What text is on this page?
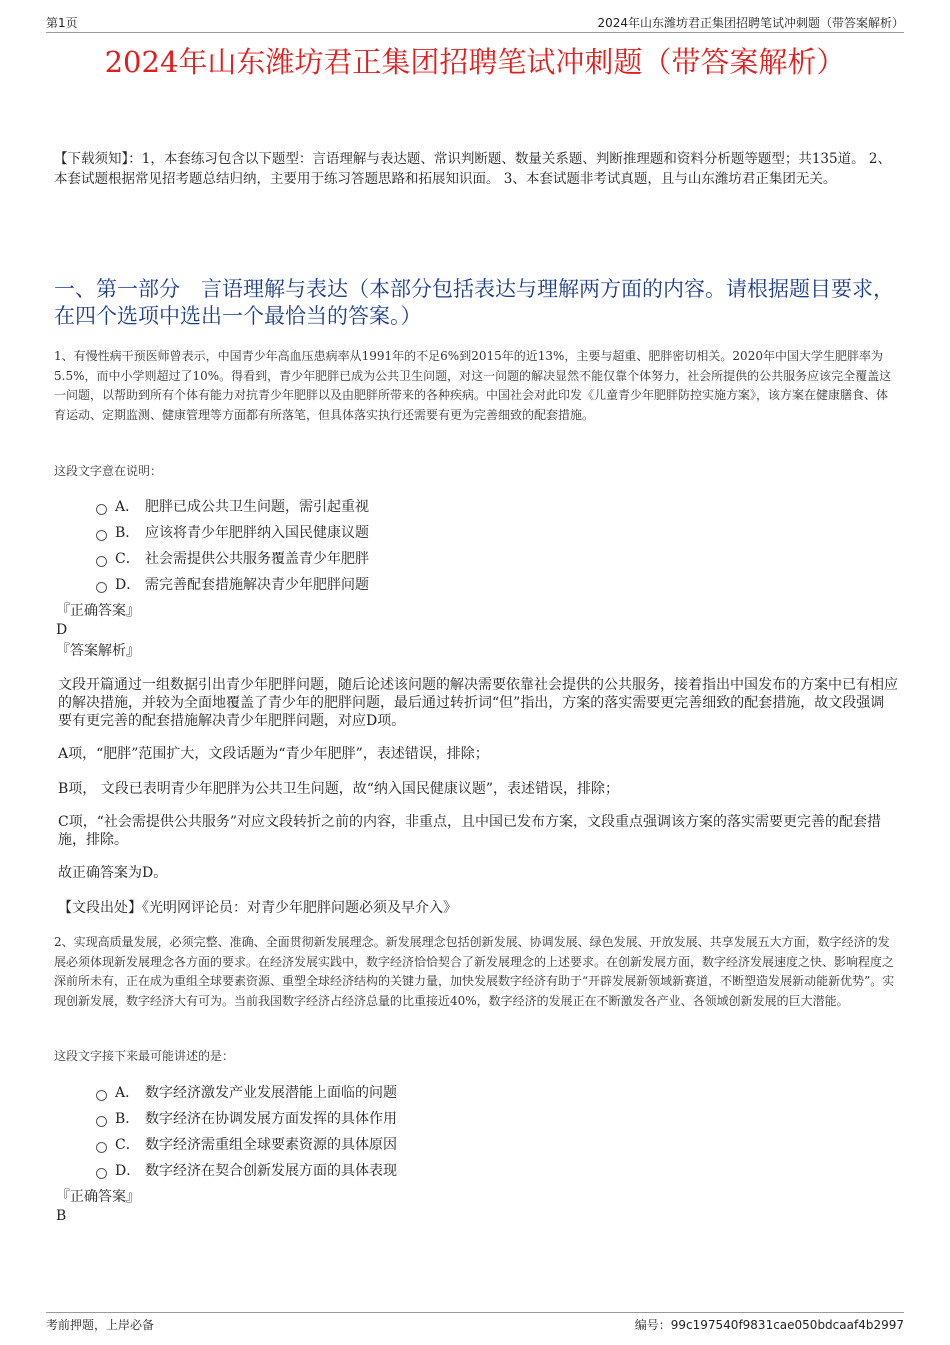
第1页	2024年山东潍坊君正集团招聘笔试冲刺题（带答案解析）
2024年山东潍坊君正集团招聘笔试冲刺题（带答案解析）
【下载须知】：1，本套练习包含以下题型：言语理解与表达题、常识判断题、数量关系题、判断推理题和资料分析题等题型；共135道。 2、本套试题根据常见招考题总结归纳，主要用于练习答题思路和拓展知识面。 3、本套试题非考试真题，且与山东潍坊君正集团无关。
一、第一部分　言语理解与表达（本部分包括表达与理解两方面的内容。请根据题目要求，在四个选项中选出一个最恰当的答案。）
1、有慢性病干预医师曾表示，中国青少年高血压患病率从1991年的不足6%到2015年的近13%，主要与超重、肥胖密切相关。2020年中国大学生肥胖率为5.5%，而中小学则超过了10%。得看到，青少年肥胖已成为公共卫生问题，对这一问题的解决显然不能仅靠个体努力，社会所提供的公共服务应该完全覆盖这一问题，以帮助到所有个体有能力对抗青少年肥胖以及由肥胖所带来的各种疾病。中国社会对此印发《儿童青少年肥胖防控实施方案》，该方案在健康膳食、体育运动、定期监测、健康管理等方面都有所落笔，但具体落实执行还需要有更为完善细致的配套措施。
这段文字意在说明：
A． 肥胖已成公共卫生问题，需引起重视
B． 应该将青少年肥胖纳入国民健康议题
C． 社会需提供公共服务覆盖青少年肥胖
D． 需完善配套措施解决青少年肥胖问题
『正确答案』
D
『答案解析』
文段开篇通过一组数据引出青少年肥胖问题，随后论述该问题的解决需要依靠社会提供的公共服务，接着指出中国发布的方案中已有相应的解决措施，并较为全面地覆盖了青少年的肥胖问题，最后通过转折词“但”指出，方案的落实需要更完善细致的配套措施，故文段强调要有更完善的配套措施解决青少年肥胖问题，对应D项。
A项，“肥胖”范围扩大，文段话题为“青少年肥胖”，表述错误，排除；
B项， 文段已表明青少年肥胖为公共卫生问题，故“纳入国民健康议题”，表述错误，排除；
C项，“社会需提供公共服务”对应文段转折之前的内容，非重点，且中国已发布方案，文段重点强调该方案的落实需要更完善的配套措施，排除。
故正确答案为D。
【文段出处】《光明网评论员：对青少年肥胖问题必须及早介入》
2、实现高质量发展，必须完整、准确、全面贯彻新发展理念。新发展理念包括创新发展、协调发展、绿色发展、开放发展、共享发展五大方面，数字经济的发展必须体现新发展理念各方面的要求。在经济发展实践中，数字经济恰恰契合了新发展理念的上述要求。在创新发展方面，数字经济发展速度之快、影响程度之深前所未有，正在成为重组全球要素资源、重塑全球经济结构的关键力量，加快发展数字经济有助于“开辟发展新领域新赛道，不断塑造发展新动能新优势”。实现创新发展，数字经济大有可为。当前我国数字经济占经济总量的比重接近40%，数字经济的发展正在不断激发各产业、各领域创新发展的巨大潜能。
这段文字接下来最可能讲述的是：
A． 数字经济激发产业发展潜能上面临的问题
B． 数字经济在协调发展方面发挥的具体作用
C． 数字经济需重组全球要素资源的具体原因
D． 数字经济在契合创新发展方面的具体表现
『正确答案』
B
考前押题，上岸必备	编号：99c197540f9831cae050bdcaaf4b2997
